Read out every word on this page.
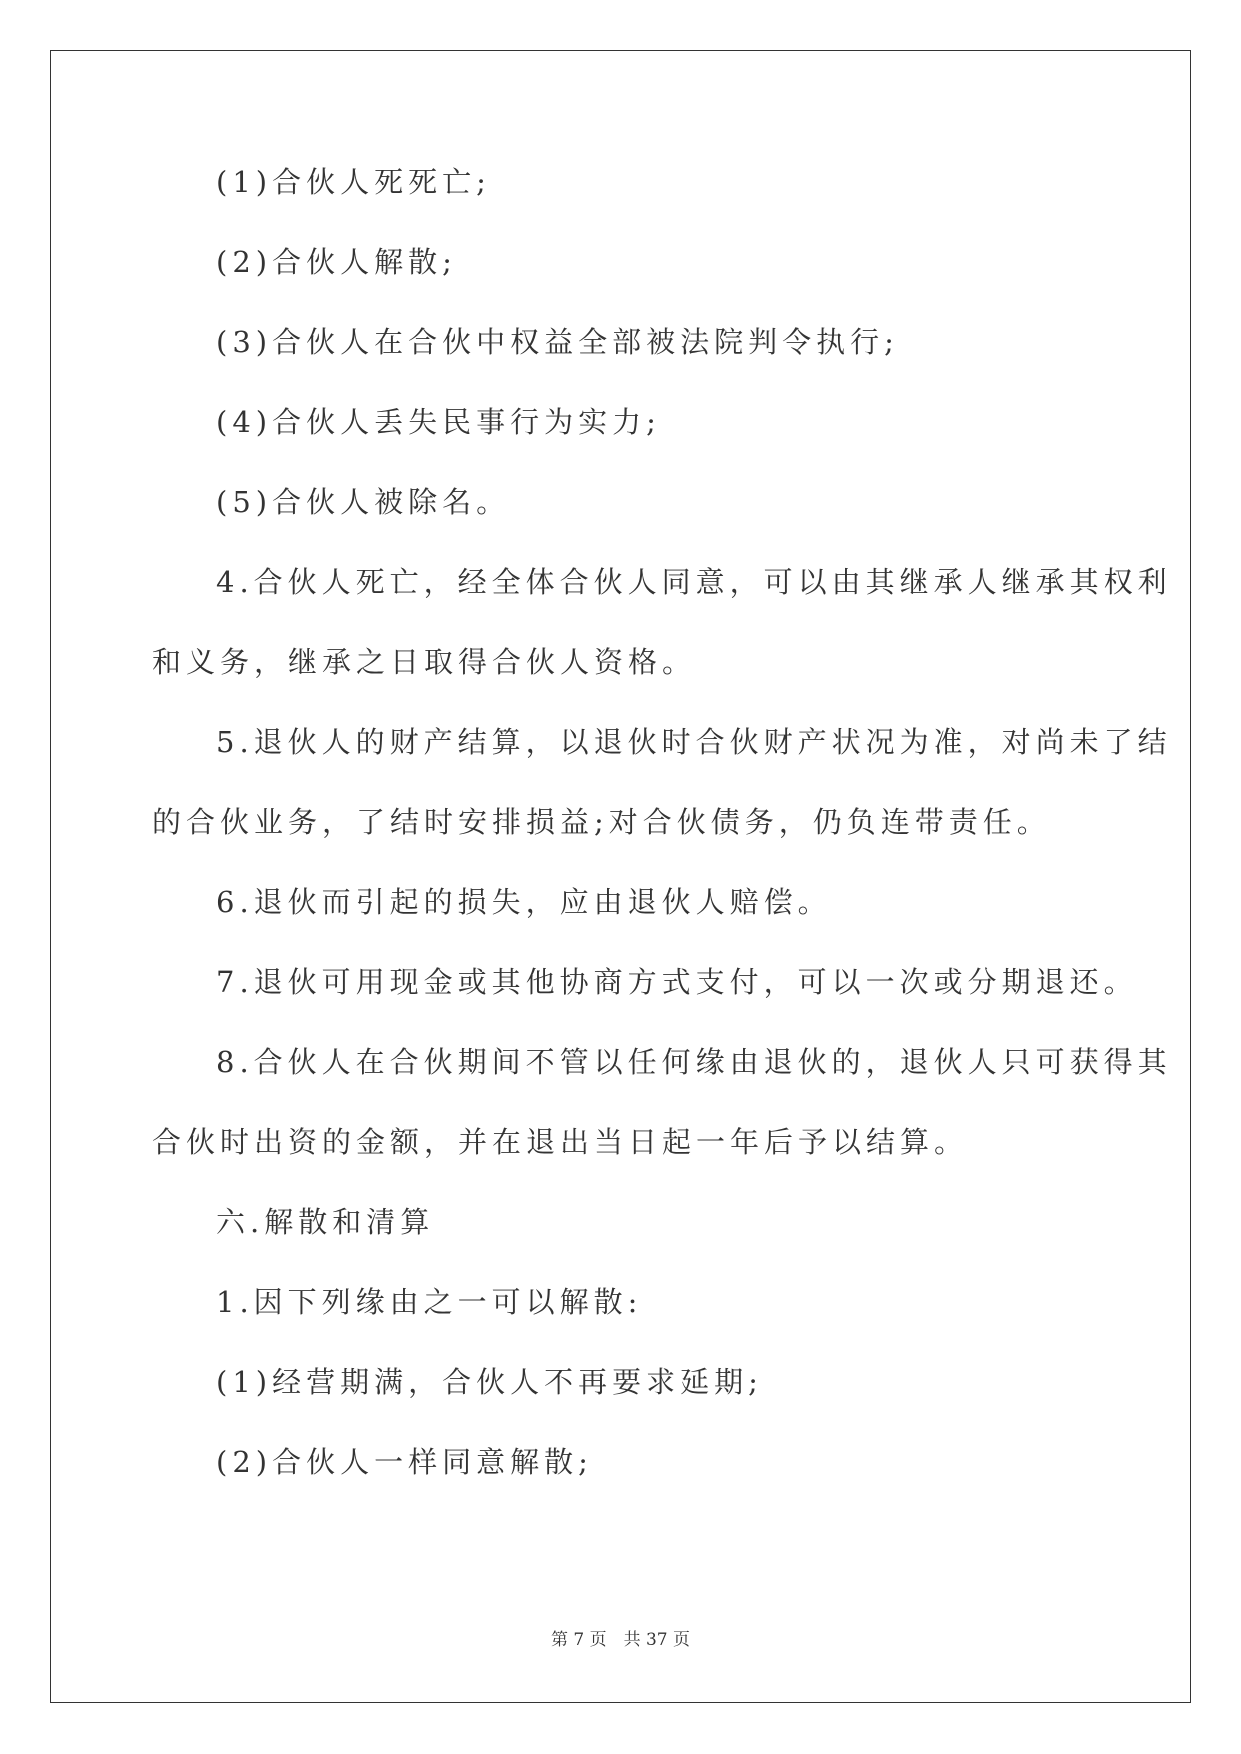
(1)合伙人死死亡;
(2)合伙人解散;
(3)合伙人在合伙中权益全部被法院判令执行;
(4)合伙人丢失民事行为实力;
(5)合伙人被除名。
4.合伙人死亡，经全体合伙人同意，可以由其继承人继承其权利
和义务，继承之日取得合伙人资格。
5.退伙人的财产结算，以退伙时合伙财产状况为准，对尚未了结
的合伙业务，了结时安排损益;对合伙债务，仍负连带责任。
6.退伙而引起的损失，应由退伙人赔偿。
7.退伙可用现金或其他协商方式支付，可以一次或分期退还。
8.合伙人在合伙期间不管以任何缘由退伙的，退伙人只可获得其
合伙时出资的金额，并在退出当日起一年后予以结算。
六.解散和清算
1.因下列缘由之一可以解散:
(1)经营期满，合伙人不再要求延期;
(2)合伙人一样同意解散;
第 7 页　共 37 页
